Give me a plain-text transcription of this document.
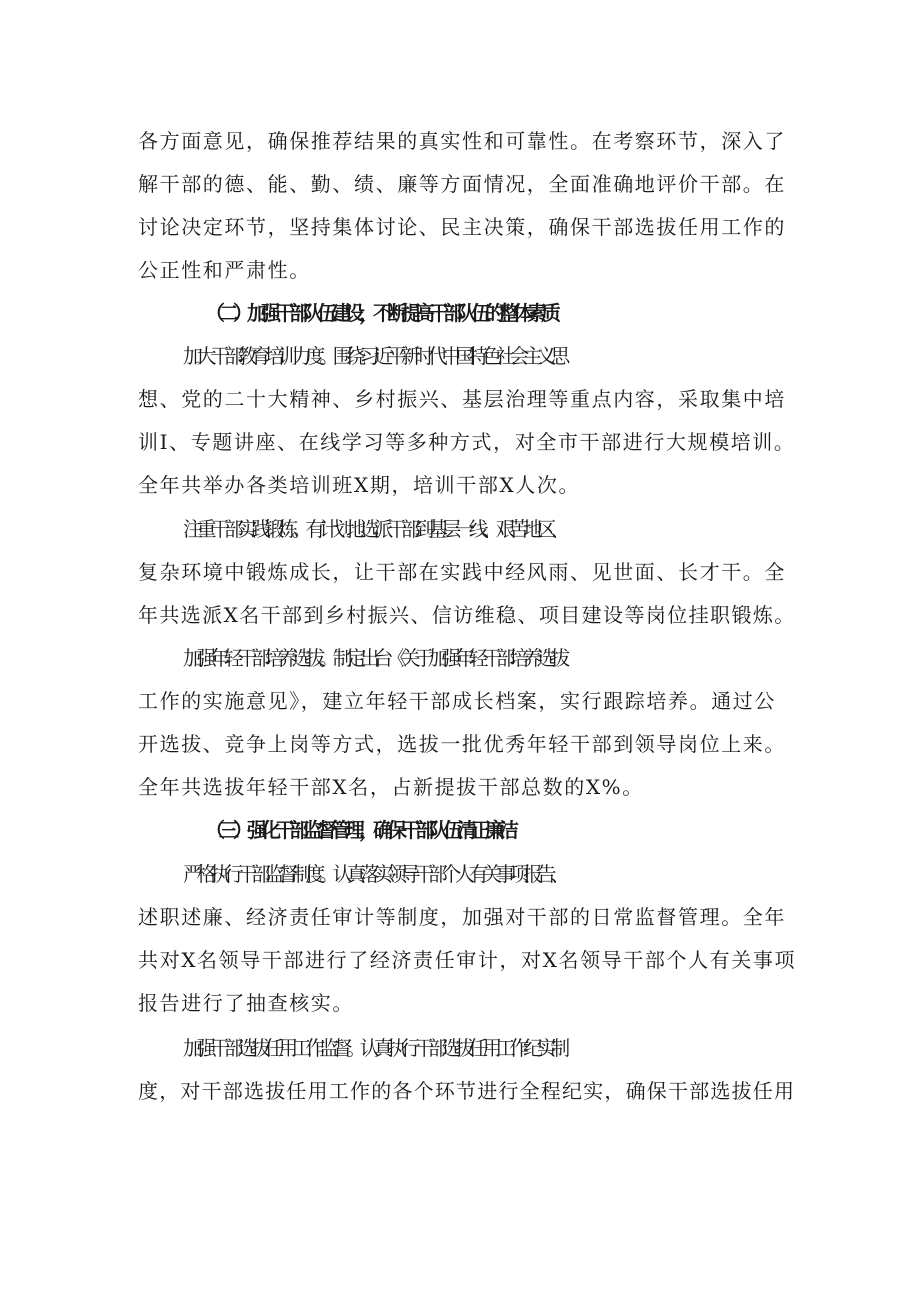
各方面意见，确保推荐结果的真实性和可靠性。在考察环节，深入了
解干部的德、能、勤、绩、廉等方面情况，全面准确地评价干部。在
讨论决定环节，坚持集体讨论、民主决策，确保干部选拔任用工作的
公正性和严肃性。
（二）加强干部队伍建设，不断提高干部队伍的整体素质
加大干部教育培训力度。围绕习近平新时代中国特色社会主义思
想、党的二十大精神、乡村振兴、基层治理等重点内容，采取集中培
训I、专题讲座、在线学习等多种方式，对全市干部进行大规模培训。
全年共举办各类培训班X期，培训干部X人次。
注重干部实践锻炼。有计划地选派干部到基层一线、艰苦地区、
复杂环境中锻炼成长，让干部在实践中经风雨、见世面、长才干。全
年共选派X名干部到乡村振兴、信访维稳、项目建设等岗位挂职锻炼。
加强年轻干部培养选拔。制定出台《关于加强年轻干部培养选拔
工作的实施意见》，建立年轻干部成长档案，实行跟踪培养。通过公
开选拔、竞争上岗等方式，选拔一批优秀年轻干部到领导岗位上来。
全年共选拔年轻干部X名，占新提拔干部总数的X%。
（三）强化干部监督管理，确保干部队伍清正廉洁
严格执行干部监督制度。认真落实领导干部个人有关事项报告、
述职述廉、经济责任审计等制度，加强对干部的日常监督管理。全年
共对X名领导干部进行了经济责任审计，对X名领导干部个人有关事项
报告进行了抽查核实。
加强干部选拔任用工作监督。认真执行干部选拔任用工作纪实制
度，对干部选拔任用工作的各个环节进行全程纪实，确保干部选拔任用
